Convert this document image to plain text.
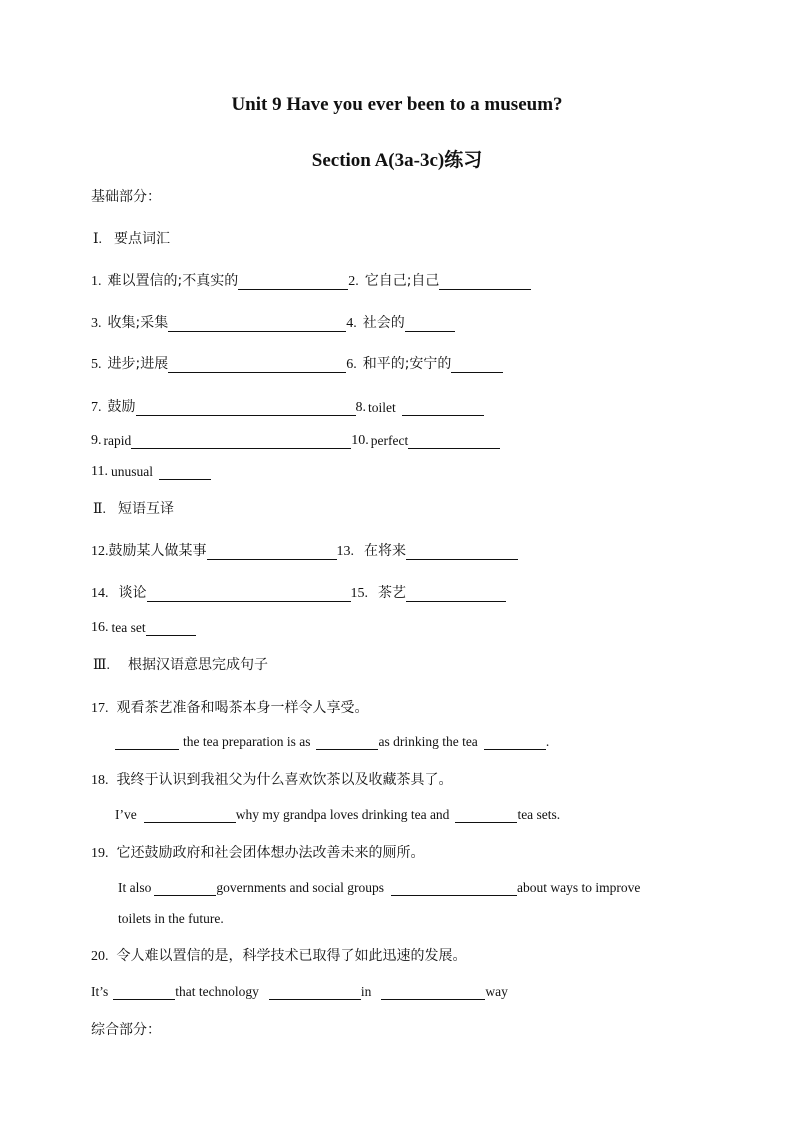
Unit 9 Have you ever been to a museum?
Section A(3a-3c)练习
基础部分：
Ⅰ. 要点词汇
1. 难以置信的;不真实的	2. 它自己;自己
3. 收集;采集	4. 社会的
5. 进步;进展	6. 和平的;安宁的
7. 鼓励	8. toilet
9. rapid	10. perfect
11. unusual
Ⅱ. 短语互译
12. 鼓励某人做某事	13. 在将来
14. 谈论	15. 茶艺
16. tea set
Ⅲ. 根据汉语意思完成句子
17. 观看茶艺准备和喝茶本身一样令人享受。
the tea preparation is as	as drinking the tea	.
18. 我终于认识到我祖父为什么喜欢饮茶以及收藏茶具了。
I’ve	why my grandpa loves drinking tea and	tea sets.
19. 它还鼓励政府和社会团体想办法改善未来的厕所。
It also	governments and social groups	about ways to improve
toilets in the future.
20. 令人难以置信的是，科学技术已取得了如此迅速的发展。
It’s	that technology	in	way
综合部分：
